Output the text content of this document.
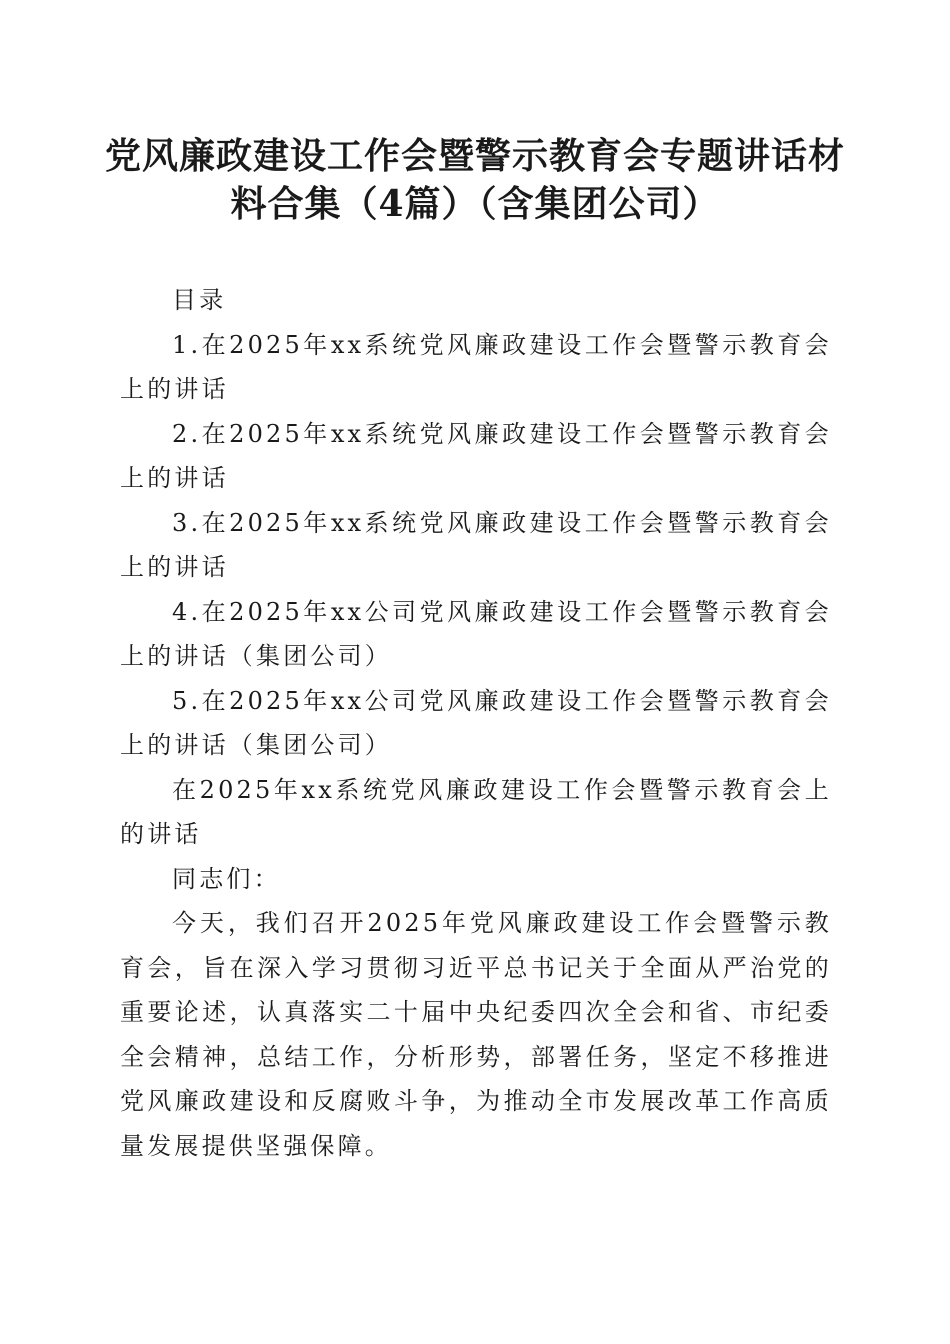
党风廉政建设工作会暨警示教育会专题讲话材
料合集（4篇）（含集团公司）

目录

1.在2025年xx系统党风廉政建设工作会暨警示教育会上的讲话

2.在2025年xx系统党风廉政建设工作会暨警示教育会上的讲话

3.在2025年xx系统党风廉政建设工作会暨警示教育会上的讲话

4.在2025年xx公司党风廉政建设工作会暨警示教育会上的讲话（集团公司）

5.在2025年xx公司党风廉政建设工作会暨警示教育会上的讲话（集团公司）

在2025年xx系统党风廉政建设工作会暨警示教育会上的讲话

同志们：

今天，我们召开2025年党风廉政建设工作会暨警示教育会，旨在深入学习贯彻习近平总书记关于全面从严治党的重要论述，认真落实二十届中央纪委四次全会和省、市纪委全会精神，总结工作，分析形势，部署任务，坚定不移推进党风廉政建设和反腐败斗争，为推动全市发展改革工作高质量发展提供坚强保障。
